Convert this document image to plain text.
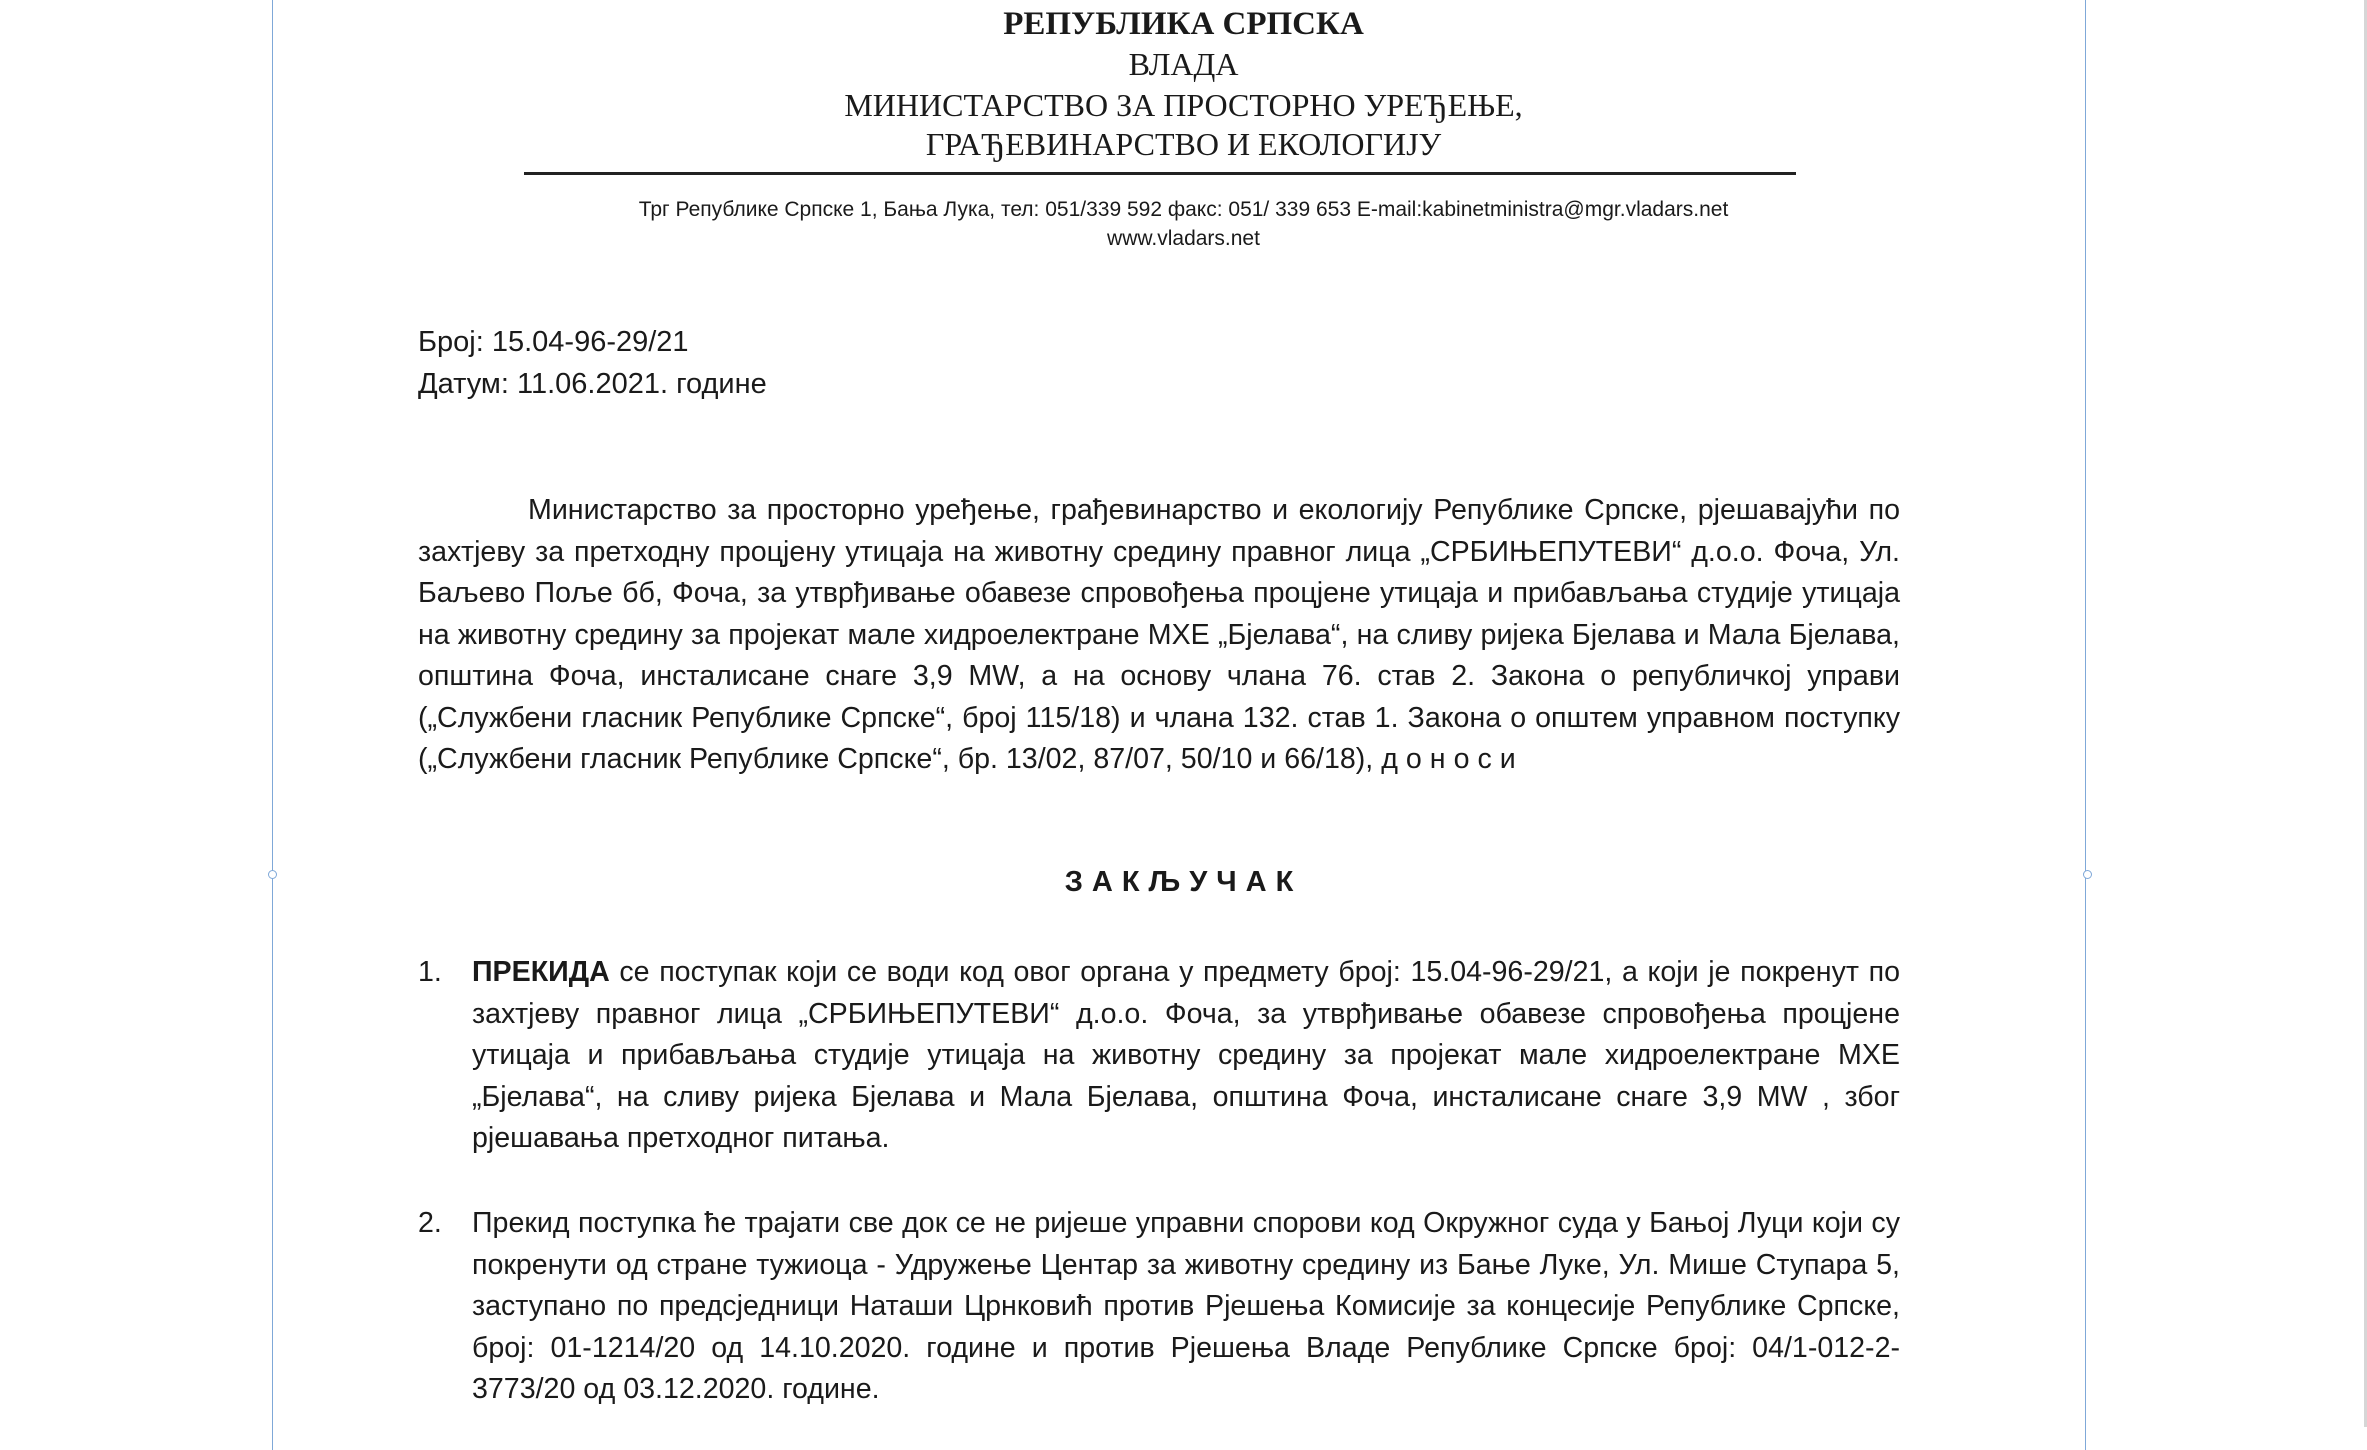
РЕПУБЛИКА СРПСКА
ВЛАДА
МИНИСТАРСТВО ЗА ПРОСТОРНО УРЕЂЕЊЕ,
ГРАЂЕВИНАРСТВО И ЕКОЛОГИЈУ
Трг Републике Српске 1, Бања Лука, тел: 051/339 592 факс: 051/ 339 653 E-mail:kabinetministra@mgr.vladars.net
www.vladars.net
Број: 15.04-96-29/21
Датум: 11.06.2021. године
Министарство за просторно уређење, грађевинарство и екологију Републике Српске, рјешавајући по захтјеву за претходну процјену утицаја на животну средину правног лица „СРБИЊЕПУТЕВИ“ д.о.о. Фоча, Ул. Баљево Поље бб, Фоча, за утврђивање обавезе спровођења процјене утицаја и прибављања студије утицаја на животну средину за пројекат мале хидроелектране МХЕ „Бјелава“, на сливу ријека Бјелава и Мала Бјелава, општина Фоча, инсталисане снаге 3,9 MW, а на основу члана 76. став 2. Закона о републичкој управи („Службени гласник Републике Српске“, број 115/18) и члана 132. став 1. Закона о општем управном поступку („Службени гласник Републике Српске“, бр. 13/02, 87/07, 50/10 и 66/18), доноси
ЗАКЉУЧАК
1. ПРЕКИДА се поступак који се води код овог органа у предмету број: 15.04-96-29/21, а који је покренут по захтјеву правног лица „СРБИЊЕПУТЕВИ“ д.о.о. Фоча, за утврђивање обавезе спровођења процјене утицаја и прибављања студије утицаја на животну средину за пројекат мале хидроелектране МХЕ „Бјелава“, на сливу ријека Бјелава и Мала Бјелава, општина Фоча, инсталисане снаге 3,9 MW , због рјешавања претходног питања.
2. Прекид поступка ће трајати све док се не ријеше управни спорови код Окружног суда у Бањој Луци који су покренути од стране тужиоца - Удружење Центар за животну средину из Бање Луке, Ул. Мише Ступара 5, заступано по предсједници Наташи Црнковић против Рјешења Комисије за концесије Републике Српске, број: 01-1214/20 од 14.10.2020. године и против Рјешења Владе Републике Српске број: 04/1-012-2-3773/20 од 03.12.2020. године.
